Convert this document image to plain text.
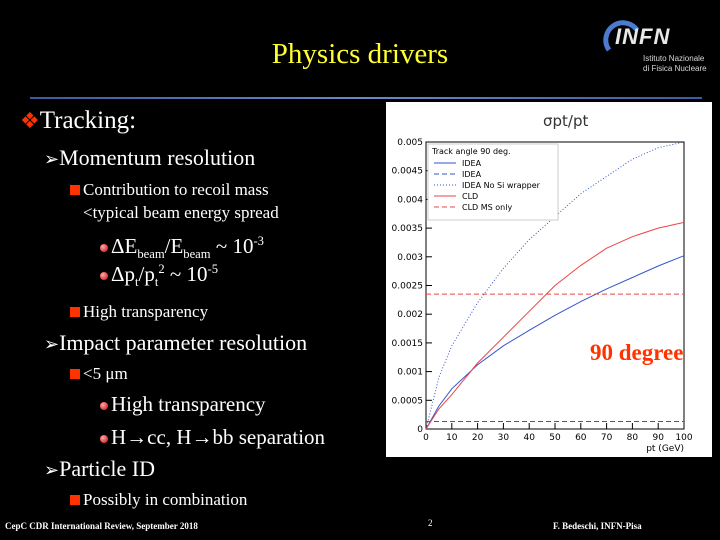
Physics drivers
INFN
Istituto Nazionale
di Fisica Nucleare
❖Tracking:
➢Momentum resolution
Contribution to recoil mass
<typical beam energy spread
$\Delta E_{beam}/E_{beam}$ ~ $10^{-3}$
$\Delta p_t/p_t^2$ ~ $10^{-5}$
High transparency
➢Impact parameter resolution
<5 μm
High transparency
H→cc, H→bb separation
➢Particle ID
Possibly in combination
σpt/pt
0
0.0005
0.001
0.0015
0.002
0.0025
0.003
0.0035
0.004
0.0045
0.005
0 10 20 30 40 50 60 70 80 90 100
pt (GeV)
Track angle 90 deg.
IDEA
IDEA
IDEA No Si wrapper
CLD
CLD MS only
90 degree
CepC CDR International Review, September 2018	2	F. Bedeschi, INFN-Pisa
